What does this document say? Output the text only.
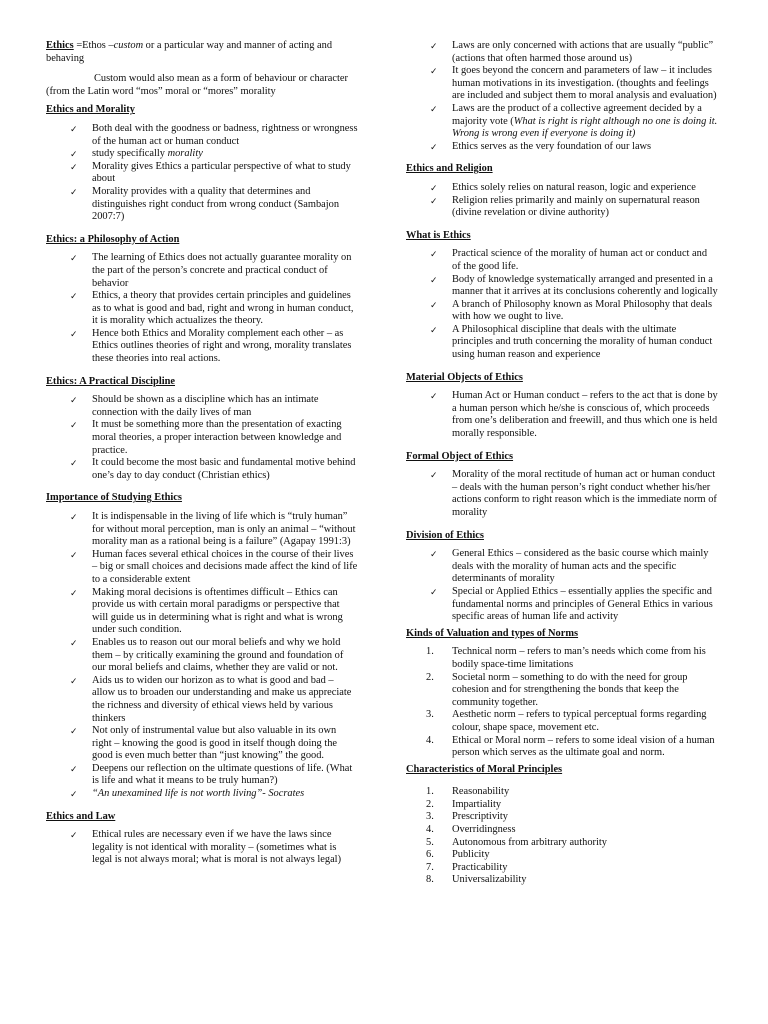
Ethics =Ethos –custom or a particular way and manner of acting and behaving

Custom would also mean as a form of behaviour or character (from the Latin word “mos” moral or “mores” morality

Ethics and Morality
✓ Both deal with the goodness or badness, rightness or wrongness of the human act or human conduct
✓ study specifically morality
✓ Morality gives Ethics a particular perspective of what to study about
✓ Morality provides with a quality that determines and distinguishes right conduct from wrong conduct (Sambajon 2007:7)
Ethics: a Philosophy of Action
✓ The learning of Ethics does not actually guarantee morality on the part of the person’s concrete and practical conduct of behavior
✓ Ethics, a theory that provides certain principles and guidelines as to what is good and bad, right and wrong in human conduct, it is morality which actualizes the theory.
✓ Hence both Ethics and Morality complement each other – as Ethics outlines theories of right and wrong, morality translates these theories into real actions.
Ethics: A Practical Discipline
✓ Should be shown as a discipline which has an intimate connection with the daily lives of man
✓ It must be something more than the presentation of exacting moral theories, a proper interaction between knowledge and practice.
✓ It could become the most basic and fundamental motive behind one’s day to day conduct (Christian ethics)
Importance of Studying Ethics
✓ It is indispensable in the living of life which is “truly human” for without moral perception, man is only an animal – “without morality man as a rational being is a failure” (Agapay 1991:3)
✓ Human faces several ethical choices in the course of their lives – big or small choices and decisions made affect the kind of life to a considerable extent
✓ Making moral decisions is oftentimes difficult – Ethics can provide us with certain moral paradigms or perspective that will guide us in determining what is right and what is wrong under such condition.
✓ Enables us to reason out our moral beliefs and why we hold them – by critically examining the ground and foundation of our moral beliefs and claims, whether they are valid or not.
✓ Aids us to widen our horizon as to what is good and bad – allow us to broaden our understanding and make us appreciate the richness and diversity of ethical views held by various thinkers
✓ Not only of instrumental value but also valuable in its own right – knowing the good is good in itself though doing the good is even much better than “just knowing” the good.
✓ Deepens our reflection on the ultimate questions of life. (What is life and what it means to be truly human?)
✓ “An unexamined life is not worth living”- Socrates
Ethics and Law
✓ Ethical rules are necessary even if we have the laws since legality is not identical with morality – (sometimes what is legal is not always moral; what is moral is not always legal)
✓ Laws are only concerned with actions that are usually “public” (actions that often harmed those around us)
✓ It goes beyond the concern and parameters of law – it includes human motivations in its investigation. (thoughts and feelings are included and subject them to moral analysis and evaluation)
✓ Laws are the product of a collective agreement decided by a majority vote (What is right is right although no one is doing it. Wrong is wrong even if everyone is doing it)
✓ Ethics serves as the very foundation of our laws
Ethics and Religion
✓ Ethics solely relies on natural reason, logic and experience
✓ Religion relies primarily and mainly on supernatural reason (divine revelation or divine authority)
What is Ethics
✓ Practical science of the morality of human act or conduct and of the good life.
✓ Body of knowledge systematically arranged and presented in a manner that it arrives at its conclusions coherently and logically
✓ A branch of Philosophy known as Moral Philosophy that deals with how we ought to live.
✓ A Philosophical discipline that deals with the ultimate principles and truth concerning the morality of human conduct using human reason and experience
Material Objects of Ethics
✓ Human Act or Human conduct – refers to the act that is done by a human person which he/she is conscious of, which proceeds from one’s deliberation and freewill, and thus which one is held morally responsible.
Formal Object of Ethics
✓ Morality of the moral rectitude of human act or human conduct – deals with the human person’s right conduct whether his/her actions conform to right reason which is the immediate norm of morality
Division of Ethics
✓ General Ethics – considered as the basic course which mainly deals with the morality of human acts and the specific determinants of morality
✓ Special or Applied Ethics – essentially applies the specific and fundamental norms and principles of General Ethics in various specific areas of human life and activity
Kinds of Valuation and types of Norms
1. Technical norm – refers to man’s needs which come from his bodily space-time limitations
2. Societal norm – something to do with the need for group cohesion and for strengthening the bonds that keep the community together.
3. Aesthetic norm – refers to typical perceptual forms regarding colour, shape space, movement etc.
4. Ethical or Moral norm – refers to some ideal vision of a human person which serves as the ultimate goal and norm.
Characteristics of Moral Principles
1. Reasonability
2. Impartiality
3. Prescriptivity
4. Overridingness
5. Autonomous from arbitrary authority
6. Publicity
7. Practicability
8. Universalizability
